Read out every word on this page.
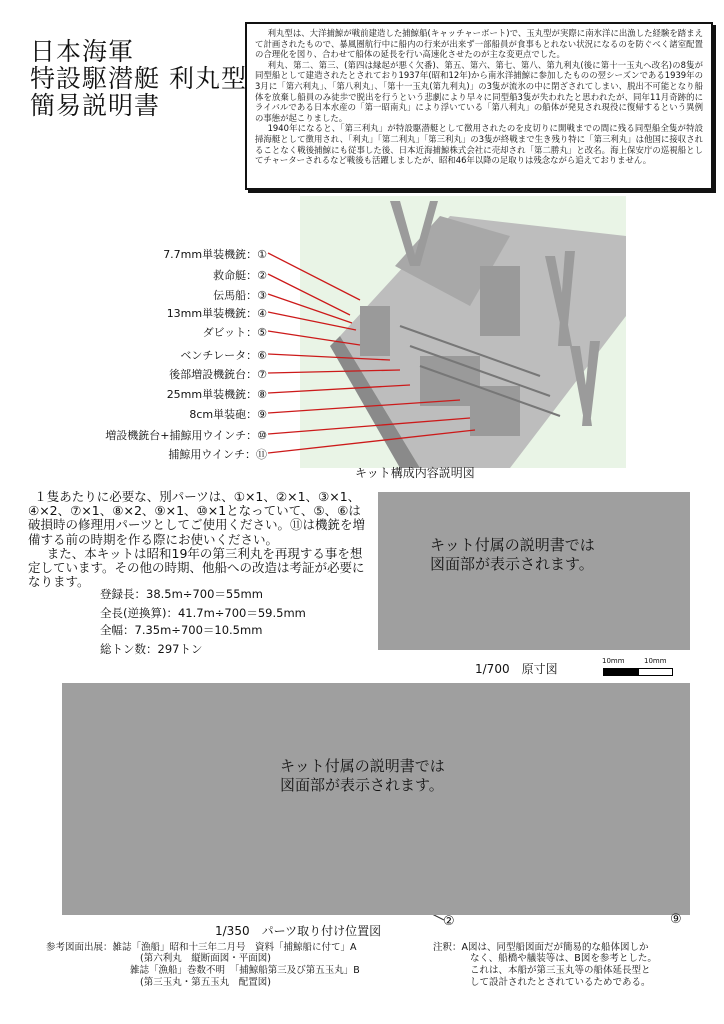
日本海軍
特設駆潜艇 利丸型
簡易説明書

利丸型は、大洋捕鯨が戦前建造した捕鯨船(キャッチャーボート)で、玉丸型が実際に南氷洋に出漁した経験を踏まえて計画されたもので、暴風圏航行中に船内の行来が出来ず一部船員が食事もとれない状況になるのを防ぐべく諸室配置の合理化を図り、合わせて船体の延長を行い高速化させたのが主な変更点でした。

利丸、第二、第三、(第四は縁起が悪く欠番)、第五、第六、第七、第八、第九利丸(後に第十一玉丸へ改名)の8隻が同型船として建造されたとされており1937年(昭和12年)から南氷洋捕鯨に参加したものの翌シーズンである1939年の3月に「第六利丸」、「第八利丸」、「第十一玉丸(第九利丸)」の3隻が流氷の中に閉ざされてしまい、脱出不可能となり船体を放棄し船員のみ徒歩で脱出を行うという悲劇により早々に同型船3隻が失われたと思われたが、同年11月奇跡的にライバルである日本水産の「第一昭南丸」により浮いている「第八利丸」の船体が発見され現役に復帰するという異例の事態が起こりました。

1940年になると、「第三利丸」が特設駆潜艇として徴用されたのを皮切りに開戦までの間に残る同型船全隻が特設掃海艇として徴用され、「利丸」「第二利丸」「第三利丸」の3隻が終戦まで生き残り特に「第三利丸」は他国に接収されることなく戦後捕鯨にも従事した後、日本近海捕鯨株式会社に売却され「第二勝丸」と改名。海上保安庁の巡視船としてチャーターされるなど戦後も活躍しましたが、昭和46年以降の足取りは残念ながら追えておりません。

7.7mm単装機銃：①
救命艇：②
伝馬船：③
13mm単装機銃：④
ダビット：⑤
ベンチレータ：⑥
後部増設機銃台：⑦
25mm単装機銃：⑧
8cm単装砲：⑨
増設機銃台+捕鯨用ウインチ：⑩
捕鯨用ウインチ：⑪
キット構成内容説明図

１隻あたりに必要な、別パーツは、①×1、②×1、③×1、④×2、⑦×1、⑧×2、⑨×1、⑩×1となっていて、⑤、⑥は破損時の修理用パーツとしてご使用ください。⑪は機銃を増備する前の時期を作る際にお使いください。

また、本キットは昭和19年の第三利丸を再現する事を想定しています。その他の時期、他船への改造は考証が必要になります。

登録長：38.5m÷700＝55mm
全長(逆換算)：41.7m÷700＝59.5mm
全幅：7.35m÷700＝10.5mm
総トン数：297トン
キット付属の説明書では
図面部が表示されます。
1/700　原寸図
10mm	10mm
キット付属の説明書では
図面部が表示されます。
②	⑨
1/350　パーツ取り付け位置図
参考図面出展：雑誌「漁船」昭和十三年二月号　資料「捕鯨船に付て」A
(第六利丸　縦断面図・平面図)
雑誌「漁船」巻数不明　「捕鯨船第三及び第五玉丸」B
(第三玉丸・第五玉丸　配置図)
注釈：A図は、同型船図面だが簡易的な船体図しか
なく、船橋や艤装等は、B図を参考とした。
これは、本船が第三玉丸等の船体延長型と
して設計されたとされているためである。
